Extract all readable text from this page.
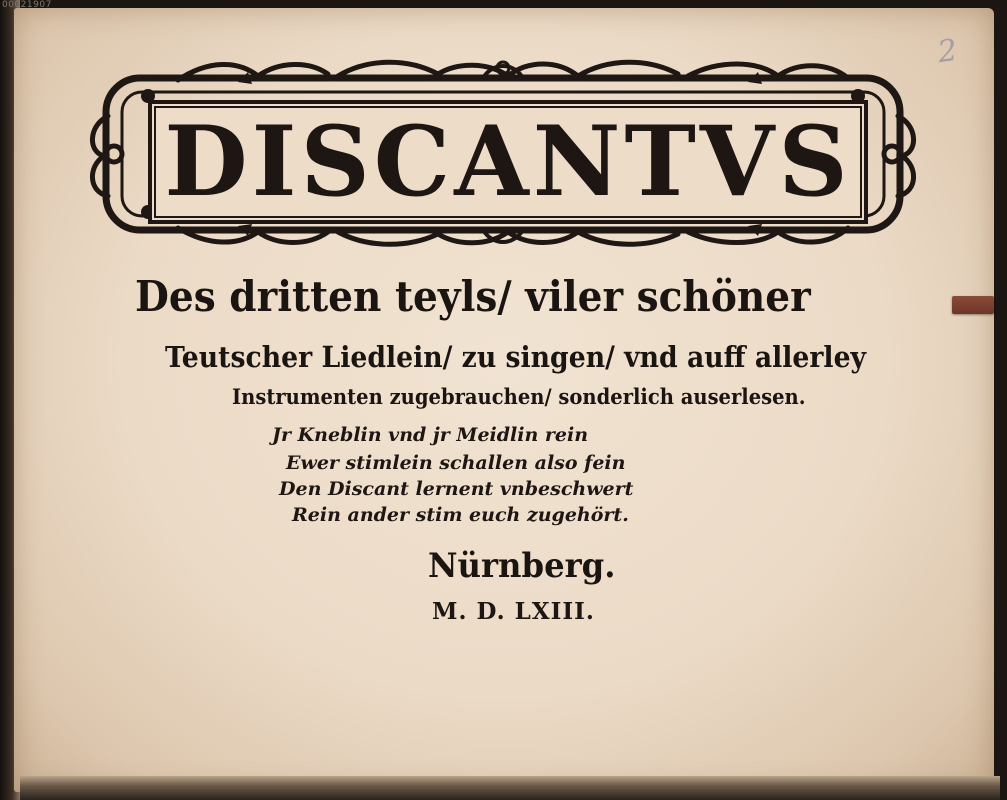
00021907
2
DISCANTVS
Des dritten teyls/ viler schöner
Teutscher Liedlein/ zu singen/ vnd auff allerley
Instrumenten zugebrauchen/ sonderlich auserlesen.
Jr Kneblin vnd jr Meidlin rein
Ewer stimlein schallen also fein
Den Discant lernent vnbeschwert
Rein ander stim euch zugehört.
Nürnberg.
M. D. LXIII.
